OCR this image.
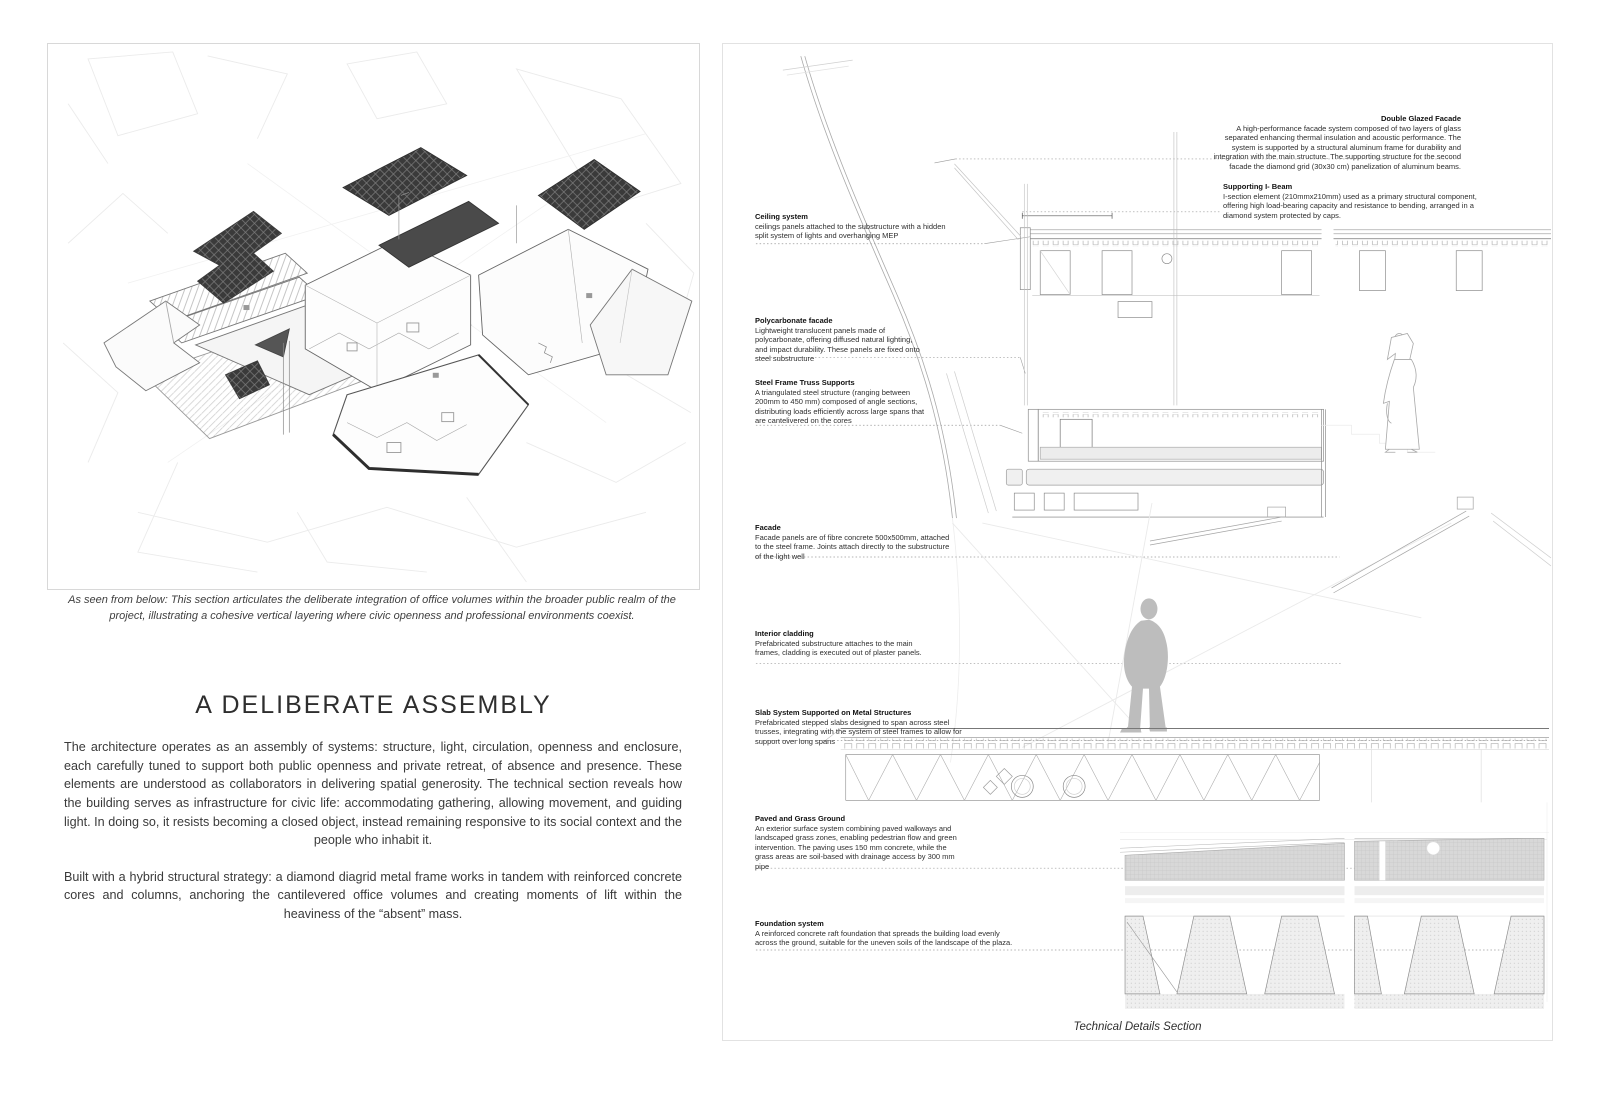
As seen from below: This section articulates the deliberate integration of office volumes within the broader public realm of the project, illustrating a cohesive vertical layering where civic openness and professional environments coexist.
A DELIBERATE ASSEMBLY

The architecture operates as an assembly of systems: structure, light, circulation, openness and enclosure, each carefully tuned to support both public openness and private retreat, of absence and presence. These elements are understood as collaborators in delivering spatial generosity. The technical section reveals how the building serves as infrastructure for civic life: accommodating gathering, allowing movement, and guiding light. In doing so, it resists becoming a closed object, instead remaining responsive to its social context and the people who inhabit it.

Built with a hybrid structural strategy: a diamond diagrid metal frame works in tandem with reinforced concrete cores and columns, anchoring the cantilevered office volumes and creating moments of lift within the heaviness of the “absent” mass.

Double Glazed Facade

A high-performance facade system composed of two layers of glass separated enhancing thermal insulation and acoustic performance. The system is supported by a structural aluminum frame for durability and integration with the main structure. The supporting structure for the second facade the diamond grid (30x30 cm) panelization of aluminum beams.

Supporting I- Beam

I-section element (210mmx210mm) used as a primary structural component, offering high load-bearing capacity and resistance to bending, arranged in a diamond system protected by caps.

Ceiling system

ceilings panels attached to the substructure with a hidden split system of lights and overhanging MEP

Polycarbonate facade

Lightweight translucent panels made of polycarbonate, offering diffused natural lighting, and impact durability. These panels are fixed onto steel substructure

Steel Frame Truss Supports

A triangulated steel structure (ranging between 200mm to 450 mm) composed of angle sections, distributing loads efficiently across large spans that are cantelivered on the cores

Facade

Facade panels are of fibre concrete 500x500mm, attached to the steel frame. Joints attach directly to the substructure of the light well

Interior cladding

Prefabricated substructure attaches to the main frames, cladding is executed out of plaster panels.

Slab System Supported on Metal Structures

Prefabricated stepped slabs designed to span across steel trusses, integrating with the system of steel frames to allow for support over long spans

Paved and Grass Ground

An exterior surface system combining paved walkways and landscaped grass zones, enabling pedestrian flow and green intervention. The paving uses 150 mm concrete, while the grass areas are soil-based with drainage access by 300 mm pipe

Foundation system

A reinforced concrete raft foundation that spreads the building load evenly across the ground, suitable for the uneven soils of the landscape of the plaza.

Technical Details Section
